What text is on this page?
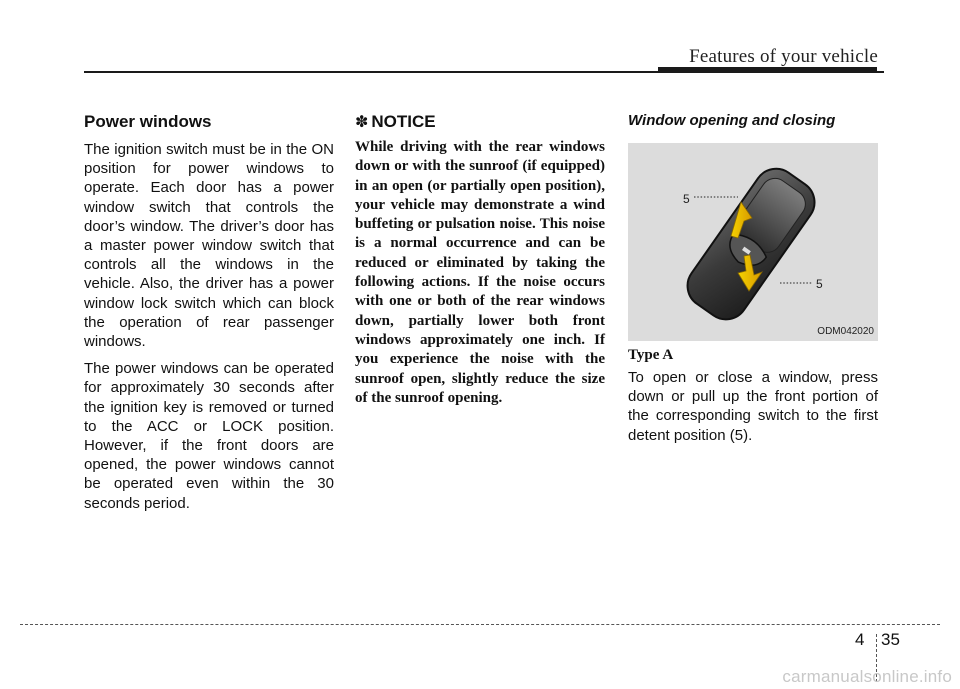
Features of your vehicle
Power windows

The ignition switch must be in the ON position for power windows to operate. Each door has a power window switch that controls the door’s window. The driver’s door has a master power window switch that controls all the windows in the vehicle. Also, the driver has a power window lock switch which can block the operation of rear passenger windows.

The power windows can be operated for approximately 30 seconds after the ignition key is removed or turned to the ACC or LOCK position. However, if the front doors are opened, the power windows cannot be operated even within the 30 seconds period.

✽ NOTICE

While driving with the rear windows down or with the sunroof (if equipped) in an open (or partially open position), your vehicle may demonstrate a wind buffeting or pulsation noise. This noise is a normal occurrence and can be reduced or eliminated by taking the following actions. If the noise occurs with one or both of the rear windows down, partially lower both front windows approximately one inch. If you experience the noise with the sunroof open, slightly reduce the size of the sunroof opening.

Window opening and closing
5
5
ODM042020
Type A

To open or close a window, press down or pull up the front portion of the corresponding switch to the first detent position (5).

4 35
carmanualsonline.info
